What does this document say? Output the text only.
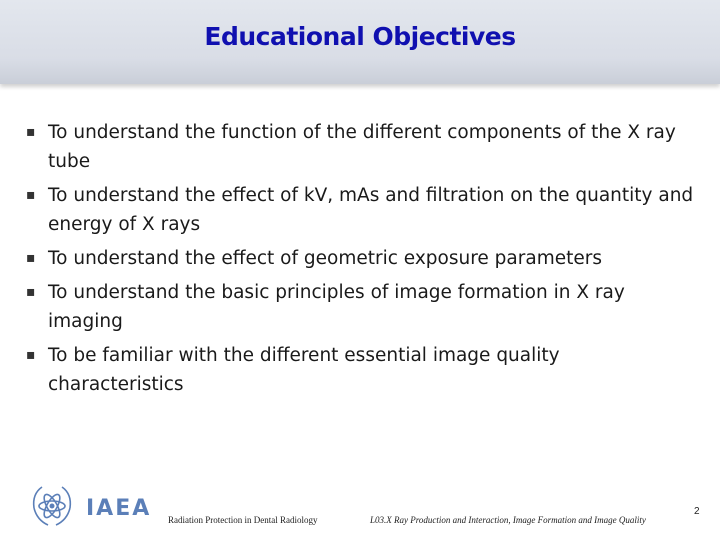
Educational Objectives
▪ To understand the function of the different components of the X ray tube
▪ To understand the effect of kV, mAs and filtration on the quantity and energy of X rays
▪ To understand the effect of geometric exposure parameters
▪ To understand the basic principles of image formation in X ray imaging
▪ To be familiar with the different essential image quality characteristics
IAEA Radiation Protection in Dental Radiology	L03.X Ray Production and Interaction, Image Formation and Image Quality
2
